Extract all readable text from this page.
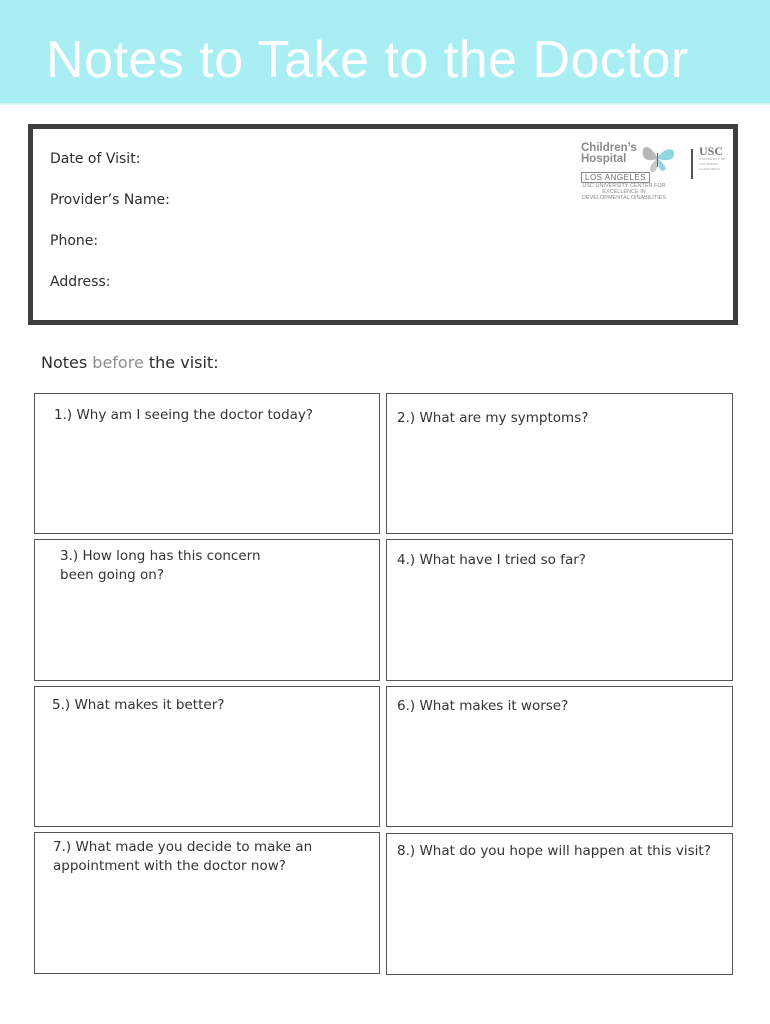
Notes to Take to the Doctor
Date of Visit:
Provider’s Name:
Phone:
Address:
Children’s
Hospital
LOS ANGELES
USC UNIVERSITY CENTER FOR EXCELLENCE IN DEVELOPMENTAL DISABILITIES
USC
UNIVERSITY OF SOUTHERN CALIFORNIA
Notes before the visit:
1.) Why am I seeing the doctor today?	2.) What are my symptoms?
3.) How long has this concern
been going on?
4.) What have I tried so far?
5.) What makes it better?	6.) What makes it worse?
7.) What made you decide to make an
appointment with the doctor now?
8.) What do you hope will happen at this visit?
